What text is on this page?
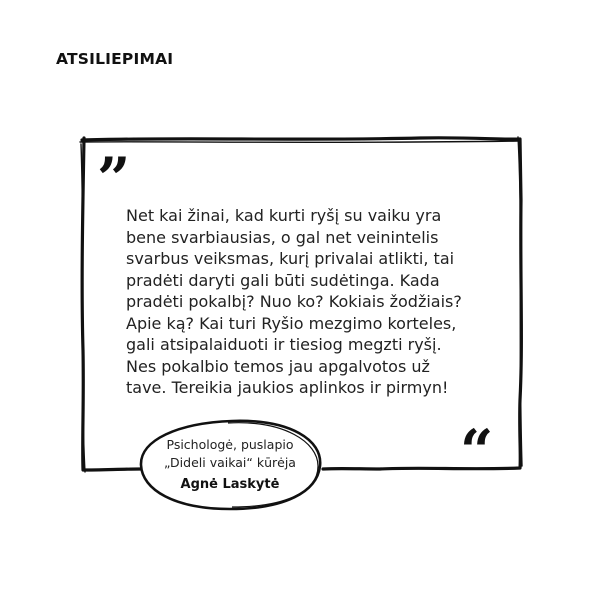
ATSILIEPIMAI
”
Net kai žinai, kad kurti ryšį su vaiku yra
bene svarbiausias, o gal net veinintelis
svarbus veiksmas, kurį privalai atlikti, tai
pradėti daryti gali būti sudėtinga. Kada
pradėti pokalbį? Nuo ko? Kokiais žodžiais?
Apie ką? Kai turi Ryšio mezgimo korteles,
gali atsipalaiduoti ir tiesiog megzti ryšį.
Nes pokalbio temos jau apgalvotos už
tave. Tereikia jaukios aplinkos ir pirmyn!
“
Psichologė, puslapio
„Dideli vaikai“ kūrėja
Agnė Laskytė
